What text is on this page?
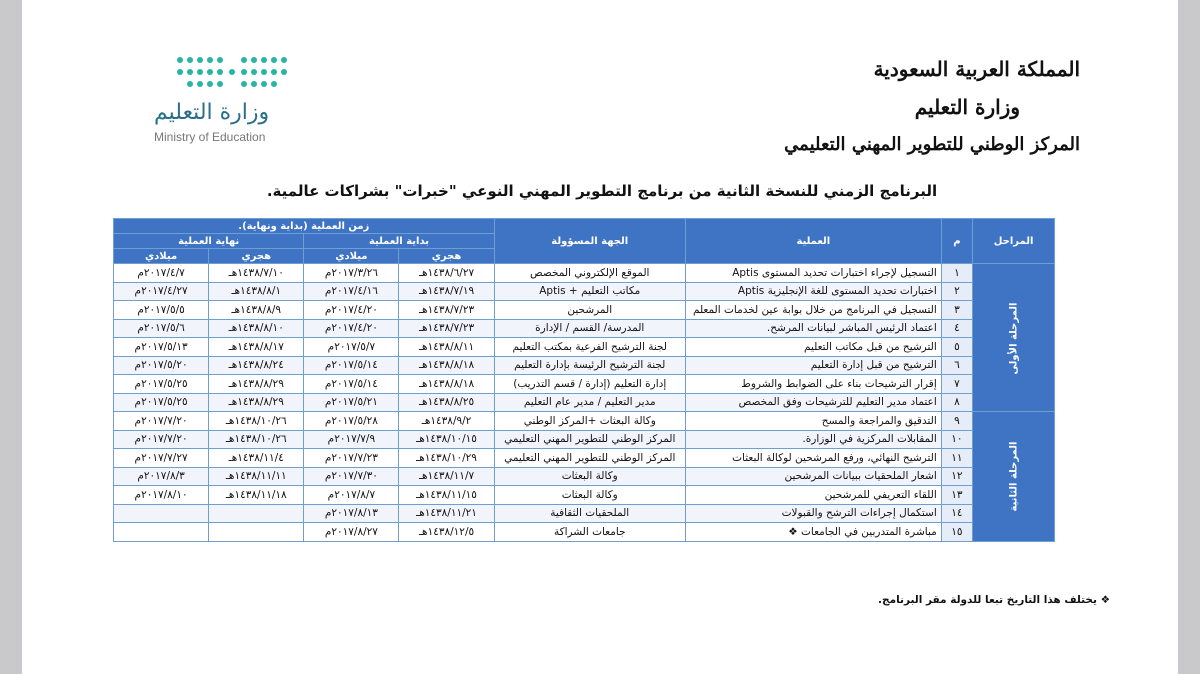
وزارة التعليم
Ministry of Education
المملكة العربية السعودية
وزارة التعليم
المركز الوطني للتطوير المهني التعليمي
البرنامج الزمني للنسخة الثانية من برنامج التطوير المهني النوعي "خبرات" بشراكات عالمية.
المراحل	م	العملية	الجهة المسؤولة	زمن العملية (بداية ونهاية).			
				بداية العملية		نهاية العملية	
				هجري	ميلادي	هجري	ميلادي
المرحلة الأولى	١	التسجيل لإجراء اختبارات تحديد المستوى Aptis	الموقع الإلكتروني المخصص	١٤٣٨/٦/٢٧هـ	٢٠١٧/٣/٢٦م	١٤٣٨/٧/١٠هـ	٢٠١٧/٤/٧م
	٢	اختبارات تحديد المستوى للغة الإنجليزية Aptis	مكاتب التعليم + Aptis	١٤٣٨/٧/١٩هـ	٢٠١٧/٤/١٦م	١٤٣٨/٨/١هـ	٢٠١٧/٤/٢٧م
	٣	التسجيل في البرنامج من خلال بوابة عين لخدمات المعلم	المرشحين	١٤٣٨/٧/٢٣هـ	٢٠١٧/٤/٢٠م	١٤٣٨/٨/٩هـ	٢٠١٧/٥/٥م
	٤	اعتماد الرئيس المباشر لبيانات المرشح.	المدرسة/ القسم / الإدارة	١٤٣٨/٧/٢٣هـ	٢٠١٧/٤/٢٠م	١٤٣٨/٨/١٠هـ	٢٠١٧/٥/٦م
	٥	الترشيح من قبل مكاتب التعليم	لجنة الترشيح الفرعية بمكتب التعليم	١٤٣٨/٨/١١هـ	٢٠١٧/٥/٧م	١٤٣٨/٨/١٧هـ	٢٠١٧/٥/١٣م
	٦	الترشيح من قبل إدارة التعليم	لجنة الترشيح الرئيسة بإدارة التعليم	١٤٣٨/٨/١٨هـ	٢٠١٧/٥/١٤م	١٤٣٨/٨/٢٤هـ	٢٠١٧/٥/٢٠م
	٧	إقرار الترشيحات بناء على الضوابط والشروط	إدارة التعليم (إدارة / قسم التدريب)	١٤٣٨/٨/١٨هـ	٢٠١٧/٥/١٤م	١٤٣٨/٨/٢٩هـ	٢٠١٧/٥/٢٥م
	٨	اعتماد مدير التعليم للترشيحات وفق المخصص	مدير التعليم / مدير عام التعليم	١٤٣٨/٨/٢٥هـ	٢٠١٧/٥/٢١م	١٤٣٨/٨/٢٩هـ	٢٠١٧/٥/٢٥م
المرحلة الثانية	٩	التدقيق والمراجعة والمسح	وكالة البعثات +المركز الوطني	١٤٣٨/٩/٢هـ	٢٠١٧/٥/٢٨م	١٤٣٨/١٠/٢٦هـ	٢٠١٧/٧/٢٠م
	١٠	المقابلات المركزية في الوزارة.	المركز الوطني للتطوير المهني التعليمي	١٤٣٨/١٠/١٥هـ	٢٠١٧/٧/٩م	١٤٣٨/١٠/٢٦هـ	٢٠١٧/٧/٢٠م
	١١	الترشيح النهائي، ورفع المرشحين لوكالة البعثات	المركز الوطني للتطوير المهني التعليمي	١٤٣٨/١٠/٢٩هـ	٢٠١٧/٧/٢٣م	١٤٣٨/١١/٤هـ	٢٠١٧/٧/٢٧م
	١٢	اشعار الملحقيات ببيانات المرشحين	وكالة البعثات	١٤٣٨/١١/٧هـ	٢٠١٧/٧/٣٠م	١٤٣٨/١١/١١هـ	٢٠١٧/٨/٣م
	١٣	اللقاء التعريفي للمرشحين	وكالة البعثات	١٤٣٨/١١/١٥هـ	٢٠١٧/٨/٧م	١٤٣٨/١١/١٨هـ	٢٠١٧/٨/١٠م
	١٤	استكمال إجراءات الترشح والقبولات	الملحقيات الثقافية	١٤٣٨/١١/٢١هـ	٢٠١٧/٨/١٣م		
	١٥	مباشرة المتدربين في الجامعات ❖	جامعات الشراكة	١٤٣٨/١٢/٥هـ	٢٠١٧/٨/٢٧م		
❖ يختلف هذا التاريخ تبعا للدولة مقر البرنامج.
